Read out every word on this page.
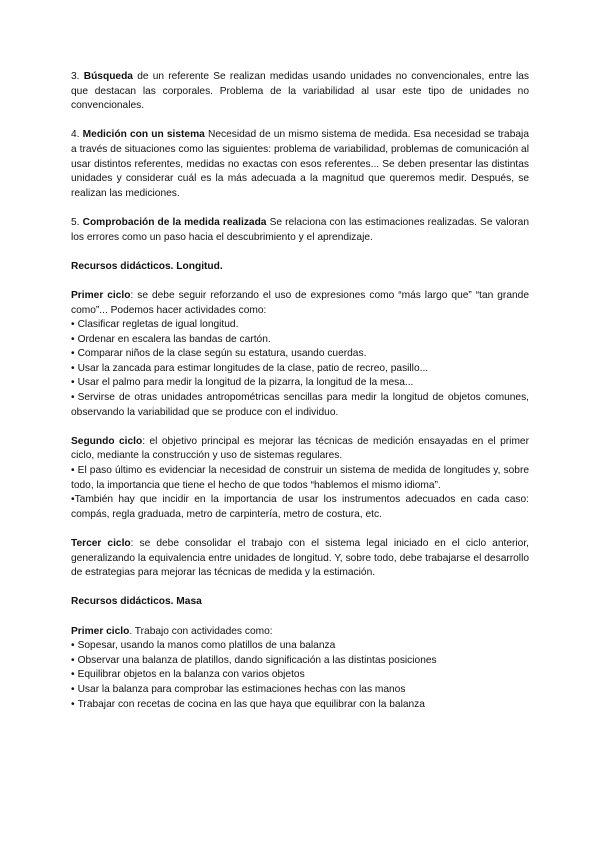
3. Búsqueda de un referente Se realizan medidas usando unidades no convencionales, entre las que destacan las corporales. Problema de la variabilidad al usar este tipo de unidades no convencionales.

4. Medición con un sistema Necesidad de un mismo sistema de medida. Esa necesidad se trabaja a través de situaciones como las siguientes: problema de variabilidad, problemas de comunicación al usar distintos referentes, medidas no exactas con esos referentes... Se deben presentar las distintas unidades y considerar cuál es la más adecuada a la magnitud que queremos medir. Después, se realizan las mediciones.

5. Comprobación de la medida realizada Se relaciona con las estimaciones realizadas. Se valoran los errores como un paso hacia el descubrimiento y el aprendizaje.

Recursos didácticos. Longitud.

Primer ciclo: se debe seguir reforzando el uso de expresiones como “más largo que” “tan grande como”... Podemos hacer actividades como:

• Clasificar regletas de igual longitud.
• Ordenar en escalera las bandas de cartón.
• Comparar niños de la clase según su estatura, usando cuerdas.
• Usar la zancada para estimar longitudes de la clase, patio de recreo, pasillo...
• Usar el palmo para medir la longitud de la pizarra, la longitud de la mesa...
• Servirse de otras unidades antropométricas sencillas para medir la longitud de objetos comunes, observando la variabilidad que se produce con el individuo.

Segundo ciclo: el objetivo principal es mejorar las técnicas de medición ensayadas en el primer ciclo, mediante la construcción y uso de sistemas regulares.

• El paso último es evidenciar la necesidad de construir un sistema de medida de longitudes y, sobre todo, la importancia que tiene el hecho de que todos “hablemos el mismo idioma”.
•También hay que incidir en la importancia de usar los instrumentos adecuados en cada caso: compás, regla graduada, metro de carpintería, metro de costura, etc.

Tercer ciclo: se debe consolidar el trabajo con el sistema legal iniciado en el ciclo anterior, generalizando la equivalencia entre unidades de longitud. Y, sobre todo, debe trabajarse el desarrollo de estrategias para mejorar las técnicas de medida y la estimación.

Recursos didácticos. Masa

Primer ciclo. Trabajo con actividades como:

• Sopesar, usando la manos como platillos de una balanza
• Observar una balanza de platillos, dando significación a las distintas posiciones
• Equilibrar objetos en la balanza con varios objetos
• Usar la balanza para comprobar las estimaciones hechas con las manos
• Trabajar con recetas de cocina en las que haya que equilibrar con la balanza
